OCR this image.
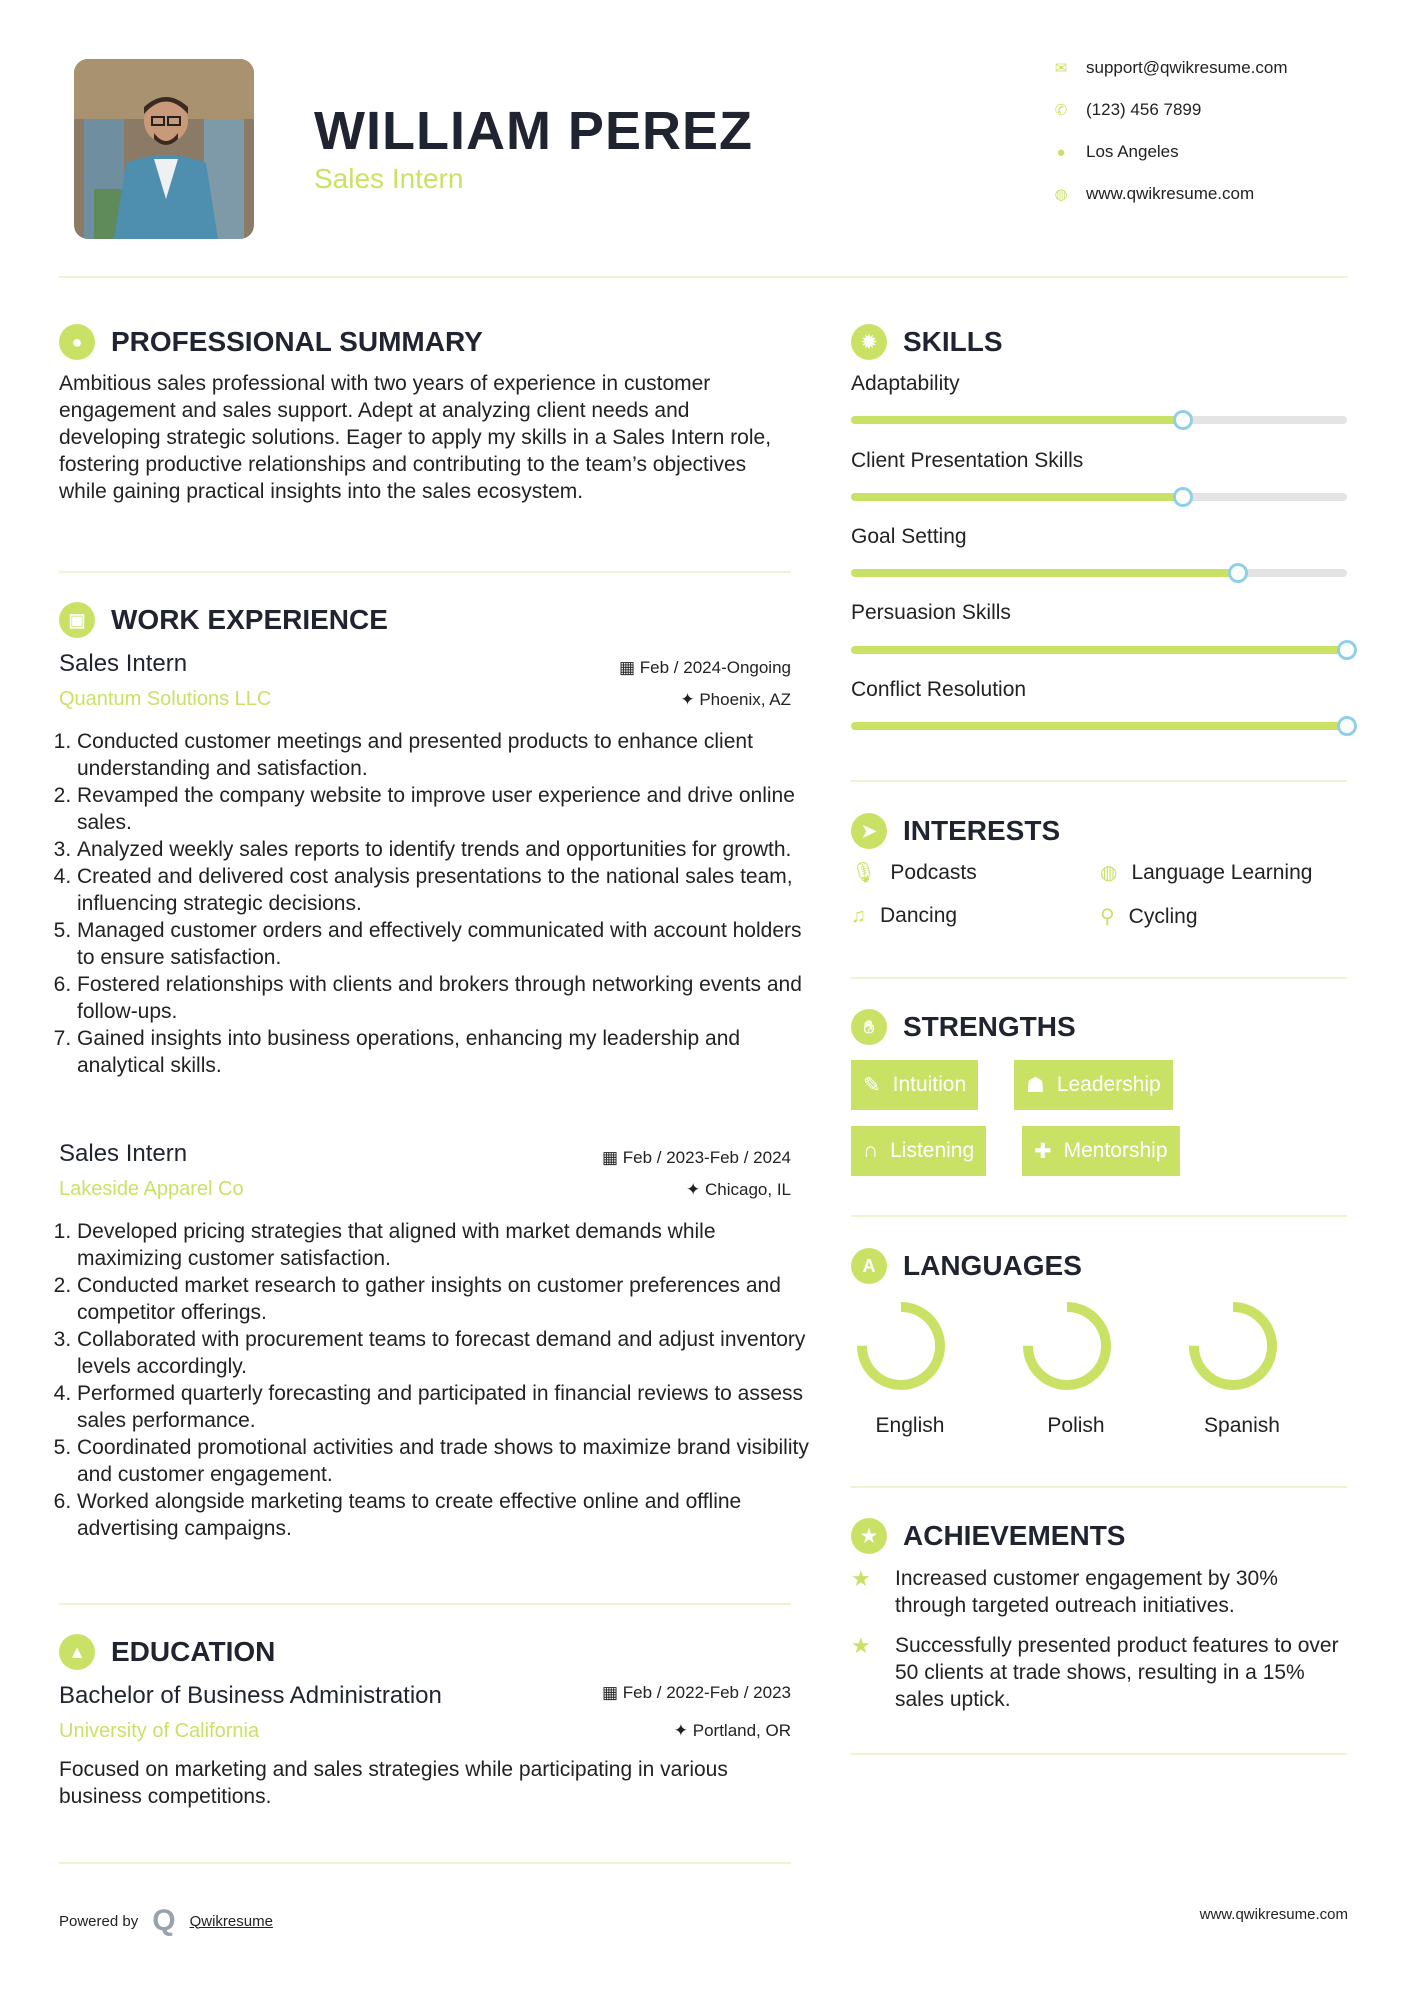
WILLIAM PEREZ
Sales Intern
✉ support@qwikresume.com
✆ (123) 456 7899
●	Los Angeles
◍ www.qwikresume.com
●	PROFESSIONAL SUMMARY
Ambitious sales professional with two years of experience in customer engagement and sales support. Adept at analyzing client needs and developing strategic solutions. Eager to apply my skills in a Sales Intern role, fostering productive relationships and contributing to the team’s objectives while gaining practical insights into the sales ecosystem.
▣ WORK EXPERIENCE
Sales Intern	▦ Feb / 2024-Ongoing
Quantum Solutions LLC	✦ Phoenix, AZ
1. Conducted customer meetings and presented products to enhance client understanding and satisfaction.
2. Revamped the company website to improve user experience and drive online sales.
3. Analyzed weekly sales reports to identify trends and opportunities for growth.
4. Created and delivered cost analysis presentations to the national sales team, influencing strategic decisions.
5. Managed customer orders and effectively communicated with account holders to ensure satisfaction.
6. Fostered relationships with clients and brokers through networking events and follow-ups.
7. Gained insights into business operations, enhancing my leadership and analytical skills.
Sales Intern	▦ Feb / 2023-Feb / 2024
Lakeside Apparel Co	✦ Chicago, IL
1. Developed pricing strategies that aligned with market demands while maximizing customer satisfaction.
2. Conducted market research to gather insights on customer preferences and competitor offerings.
3. Collaborated with procurement teams to forecast demand and adjust inventory levels accordingly.
4. Performed quarterly forecasting and participated in financial reviews to assess sales performance.
5. Coordinated promotional activities and trade shows to maximize brand visibility and customer engagement.
6. Worked alongside marketing teams to create effective online and offline advertising campaigns.
▲ EDUCATION
Bachelor of Business Administration	▦ Feb / 2022-Feb / 2023
University of California	✦ Portland, OR
Focused on marketing and sales strategies while participating in various business competitions.
✹ SKILLS
Adaptability
Client Presentation Skills
Goal Setting
Persuasion Skills
Conflict Resolution
➤ INTERESTS
🎙︎ Podcasts	◍ Language Learning
♫ Dancing	⚲ Cycling
✋︎	STRENGTHS
✎ Intuition	☗ Leadership
∩ Listening	✚ Mentorship
A LANGUAGES
English	Polish	Spanish
★ ACHIEVEMENTS
★	Increased customer engagement by 30% through targeted outreach initiatives.
★	Successfully presented product features to over 50 clients at trade shows, resulting in a 15% sales uptick.
Powered by Q Qwikresume	www.qwikresume.com
